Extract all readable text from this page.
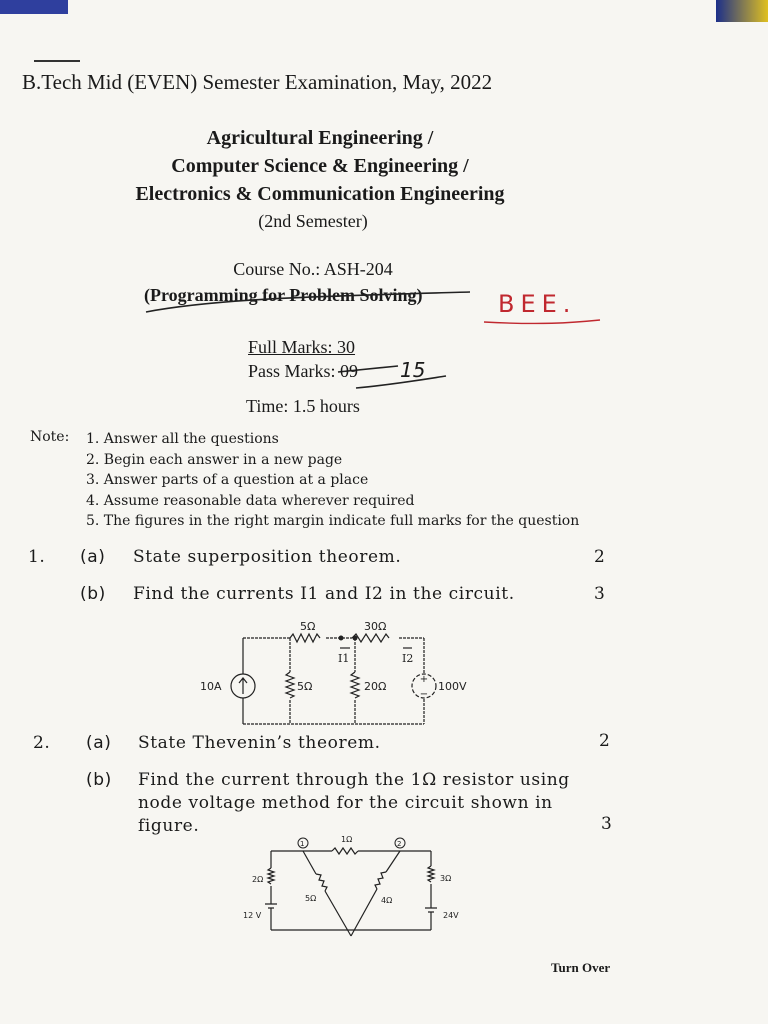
B.Tech Mid (EVEN) Semester Examination, May, 2022
Agricultural Engineering /
Computer Science & Engineering /
Electronics & Communication Engineering
(2nd Semester)
Course No.: ASH-204
(Programming for Problem Solving)	BEE.
Full Marks: 30
Pass Marks: 09 15
Time: 1.5 hours
Note: 1. Answer all the questions
2. Begin each answer in a new page
3. Answer parts of a question at a place
4. Assume reasonable data wherever required
5. The figures in the right margin indicate full marks for the question
1. (a) State superposition theorem.	2
(b) Find the currents I1 and I2 in the circuit.	3
+
−
5Ω	30Ω
I1	I2
10A	5Ω	20Ω	100V
2. (a) State Thevenin’s theorem.	2
(b) Find the current through the 1Ω resistor using
node voltage method for the circuit shown in
figure.	3
1	2
1Ω
2Ω
5Ω	4Ω
3Ω
12 V	24V
Turn Over
